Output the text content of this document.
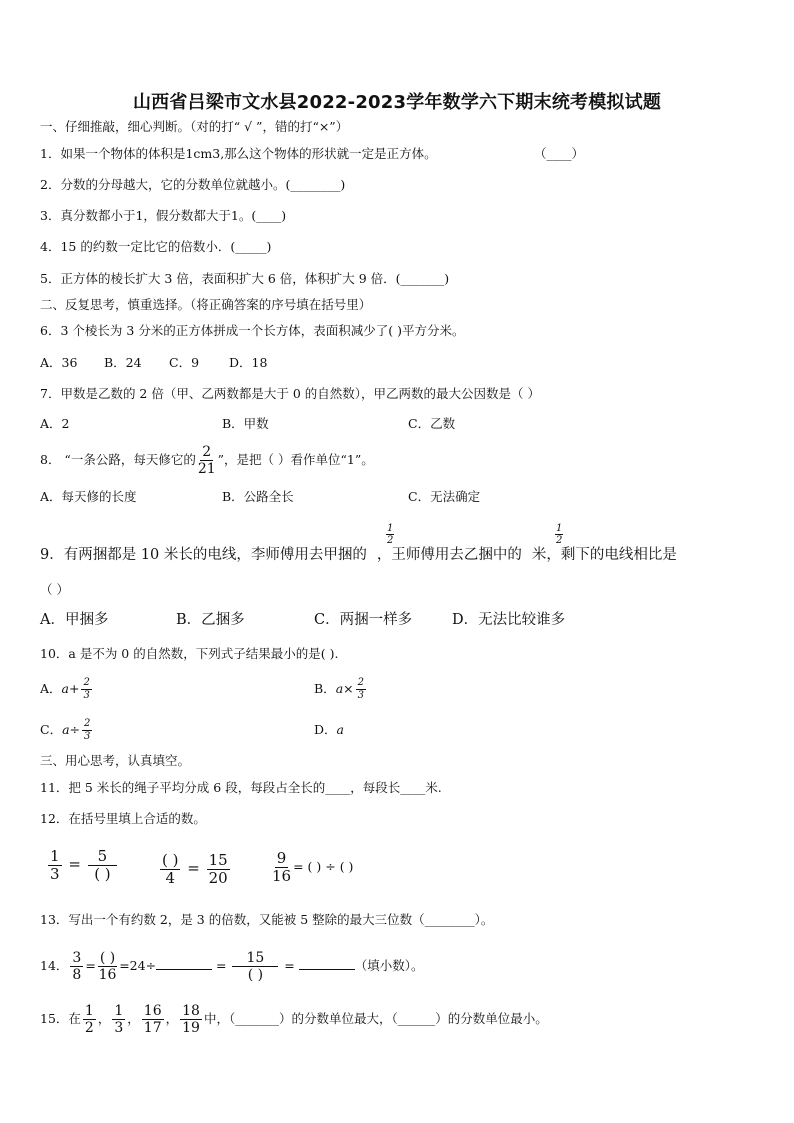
山西省吕梁市文水县2022-2023学年数学六下期末统考模拟试题
一、仔细推敲，细心判断。（对的打“ √ ”，错的打“×”）
1．如果一个物体的体积是1cm3,那么这个物体的形状就一定是正方体。	（____）
2．分数的分母越大，它的分数单位就越小。(________)
3．真分数都小于1，假分数都大于1。(____)
4．15 的约数一定比它的倍数小．(_____)
5．正方体的棱长扩大 3 倍，表面积扩大 6 倍，体积扩大 9 倍．(_______)
二、反复思考，慎重选择。（将正确答案的序号填在括号里）
6．3 个棱长为 3 分米的正方体拼成一个长方体，表面积减少了( )平方分米。
A．36 B．24 C．9 D．18
7．甲数是乙数的 2 倍（甲、乙两数都是大于 0 的自然数），甲乙两数的最大公因数是（ ）
A．2	B．甲数	C．乙数
8． “一条公路，每天修它的 $\frac{2}{21}$ ”，是把（ ）看作单位“1”。
A．每天修的长度	B．公路全长	C．无法确定
9．有两捆都是 10 米长的电线，李师傅用去甲捆的 ，王师傅用去乙捆中的 米，剩下的电线相比是
1
2
1
2
（ ）
A．甲捆多	B．乙捆多	C．两捆一样多	D．无法比较谁多
10．a 是不为 0 的自然数，下列式子结果最小的是( ).
A．$a+ \frac{2}{3}$	B．$a\times \frac{2}{3}$
C．$a\div \frac{2}{3}$	D．a
三、用心思考，认真填空。
11．把 5 米长的绳子平均分成 6 段，每段占全长的____，每段长____米.
12．在括号里填上合适的数。
$\frac{1}{3} = 5$
( )
( )
4
= $\frac{15}{20}$	$\frac{9}{16}$ = ( ) ÷ ( )
13．写出一个有约数 2，是 3 的倍数，又能被 5 整除的最大三位数（________）。
14． $\frac{3}{8}$ = ( )
16
=24÷	=	15
( )
=	（填小数）。
15．在 $\frac{1}{2}$ ， $\frac{1}{3}$ ， $\frac{16}{17}$ ， $\frac{18}{19}$ 中，（_______）的分数单位最大，（______）的分数单位最小。
